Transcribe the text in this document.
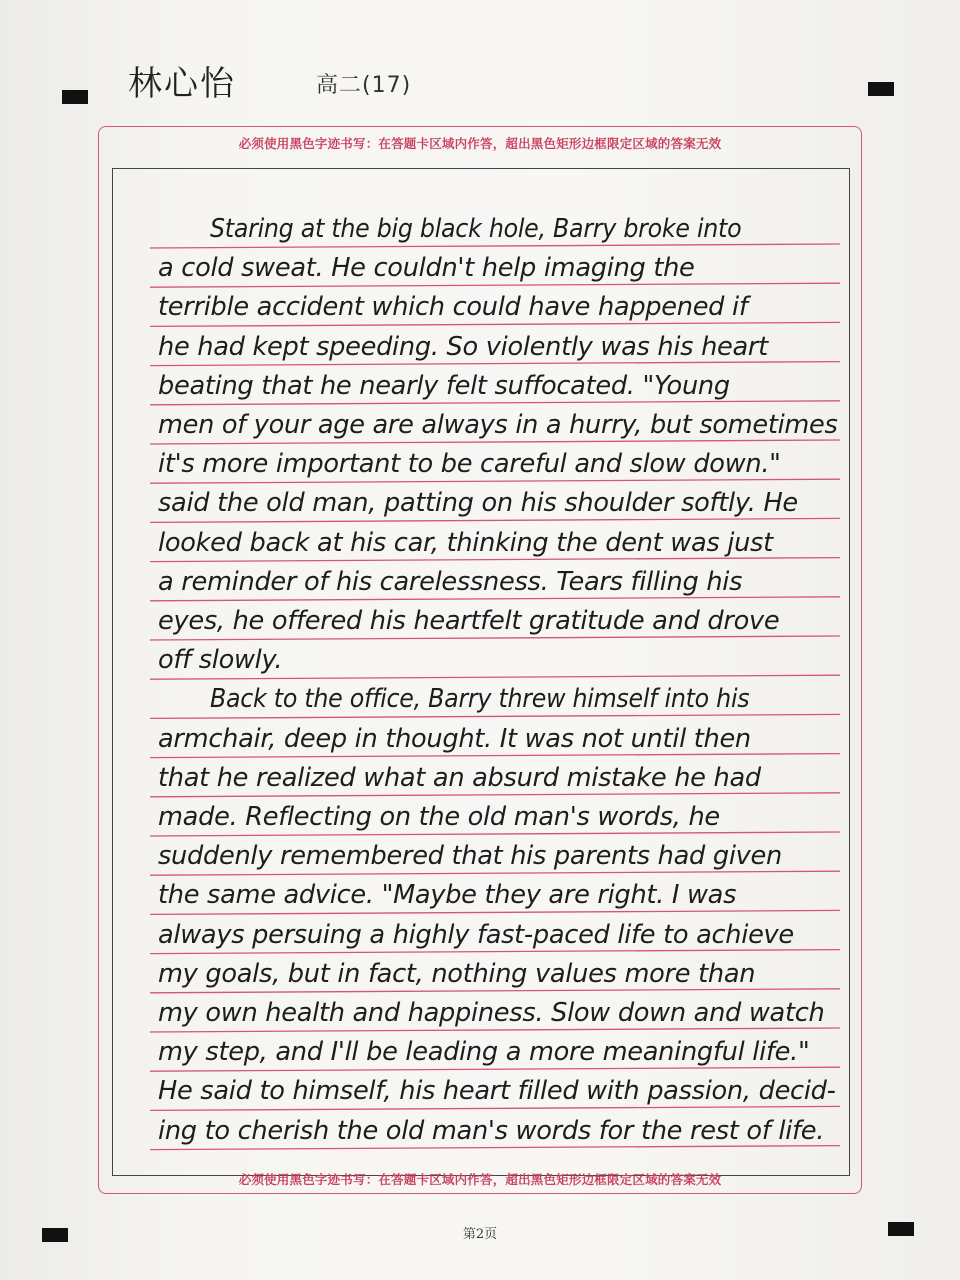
林心怡	高二(17)
必须使用黑色字迹书写：在答题卡区域内作答，超出黑色矩形边框限定区域的答案无效
必须使用黑色字迹书写：在答题卡区域内作答，超出黑色矩形边框限定区域的答案无效
Staring at the big black hole, Barry broke into
a cold sweat. He couldn't help imaging the
terrible accident which could have happened if
he had kept speeding. So violently was his heart
beating that he nearly felt suffocated. "Young
men of your age are always in a hurry, but sometimes
it's more important to be careful and slow down."
said the old man, patting on his shoulder softly. He
looked back at his car, thinking the dent was just
a reminder of his carelessness. Tears filling his
eyes, he offered his heartfelt gratitude and drove
off slowly.
Back to the office, Barry threw himself into his
armchair, deep in thought. It was not until then
that he realized what an absurd mistake he had
made. Reflecting on the old man's words, he
suddenly remembered that his parents had given
the same advice. "Maybe they are right. I was
always persuing a highly fast-paced life to achieve
my goals, but in fact, nothing values more than
my own health and happiness. Slow down and watch
my step, and I'll be leading a more meaningful life."
He said to himself, his heart filled with passion, decid-
ing to cherish the old man's words for the rest of life.
第2页
